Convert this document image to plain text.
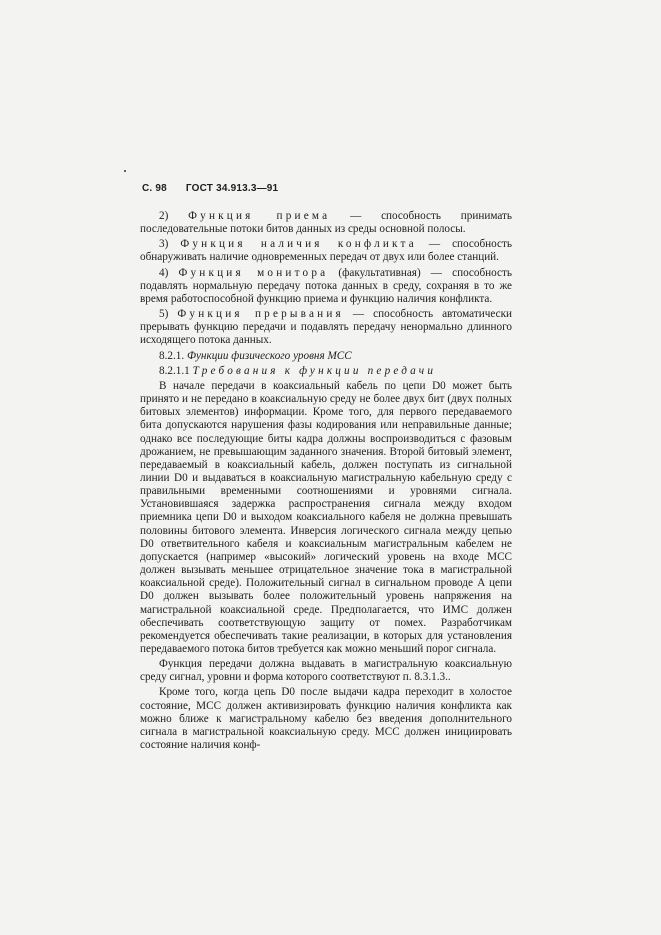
С. 98 ГОСТ 34.913.3—91

2) Функция приема — способность принимать последовательные потоки битов данных из среды основной полосы.

3) Функция наличия конфликта — способность обнаруживать наличие одновременных передач от двух или более станций.

4) Функция монитора (факультативная) — способность подавлять нормальную передачу потока данных в среду, сохраняя в то же время работоспособной функцию приема и функцию наличия конфликта.

5) Функция прерывания — способность автоматически прерывать функцию передачи и подавлять передачу ненормально длинного исходящего потока данных.

8.2.1. Функции физического уровня МСС

8.2.1.1 Требования к функции передачи

В начале передачи в коаксиальный кабель по цепи D0 может быть принято и не передано в коаксиальную среду не более двух бит (двух полных битовых элементов) информации. Кроме того, для первого передаваемого бита допускаются нарушения фазы кодирования или неправильные данные; однако все последующие биты кадра должны воспроизводиться с фазовым дрожанием, не превышающим заданного значения. Второй битовый элемент, передаваемый в коаксиальный кабель, должен поступать из сигнальной линии D0 и выдаваться в коаксиальную магистральную кабельную среду с правильными временными соотношениями и уровнями сигнала. Установившаяся задержка распространения сигнала между входом приемника цепи D0 и выходом коаксиального кабеля не должна превышать половины битового элемента. Инверсия логического сигнала между цепью D0 ответвительного кабеля и коаксиальным магистральным кабелем не допускается (например «высокий» логический уровень на входе МСС должен вызывать меньшее отрицательное значение тока в магистральной коаксиальной среде). Положительный сигнал в сигнальном проводе A цепи D0 должен вызывать более положительный уровень напряжения на магистральной коаксиальной среде. Предполагается, что ИМС должен обеспечивать соответствующую защиту от помех. Разработчикам рекомендуется обеспечивать такие реализации, в которых для установления передаваемого потока битов требуется как можно меньший порог сигнала.

Функция передачи должна выдавать в магистральную коаксиальную среду сигнал, уровни и форма которого соответствуют п. 8.3.1.3..

Кроме того, когда цепь D0 после выдачи кадра переходит в холостое состояние, МСС должен активизировать функцию наличия конфликта как можно ближе к магистральному кабелю без введения дополнительного сигнала в магистральной коаксиальную среду. МСС должен инициировать состояние наличия конф-
